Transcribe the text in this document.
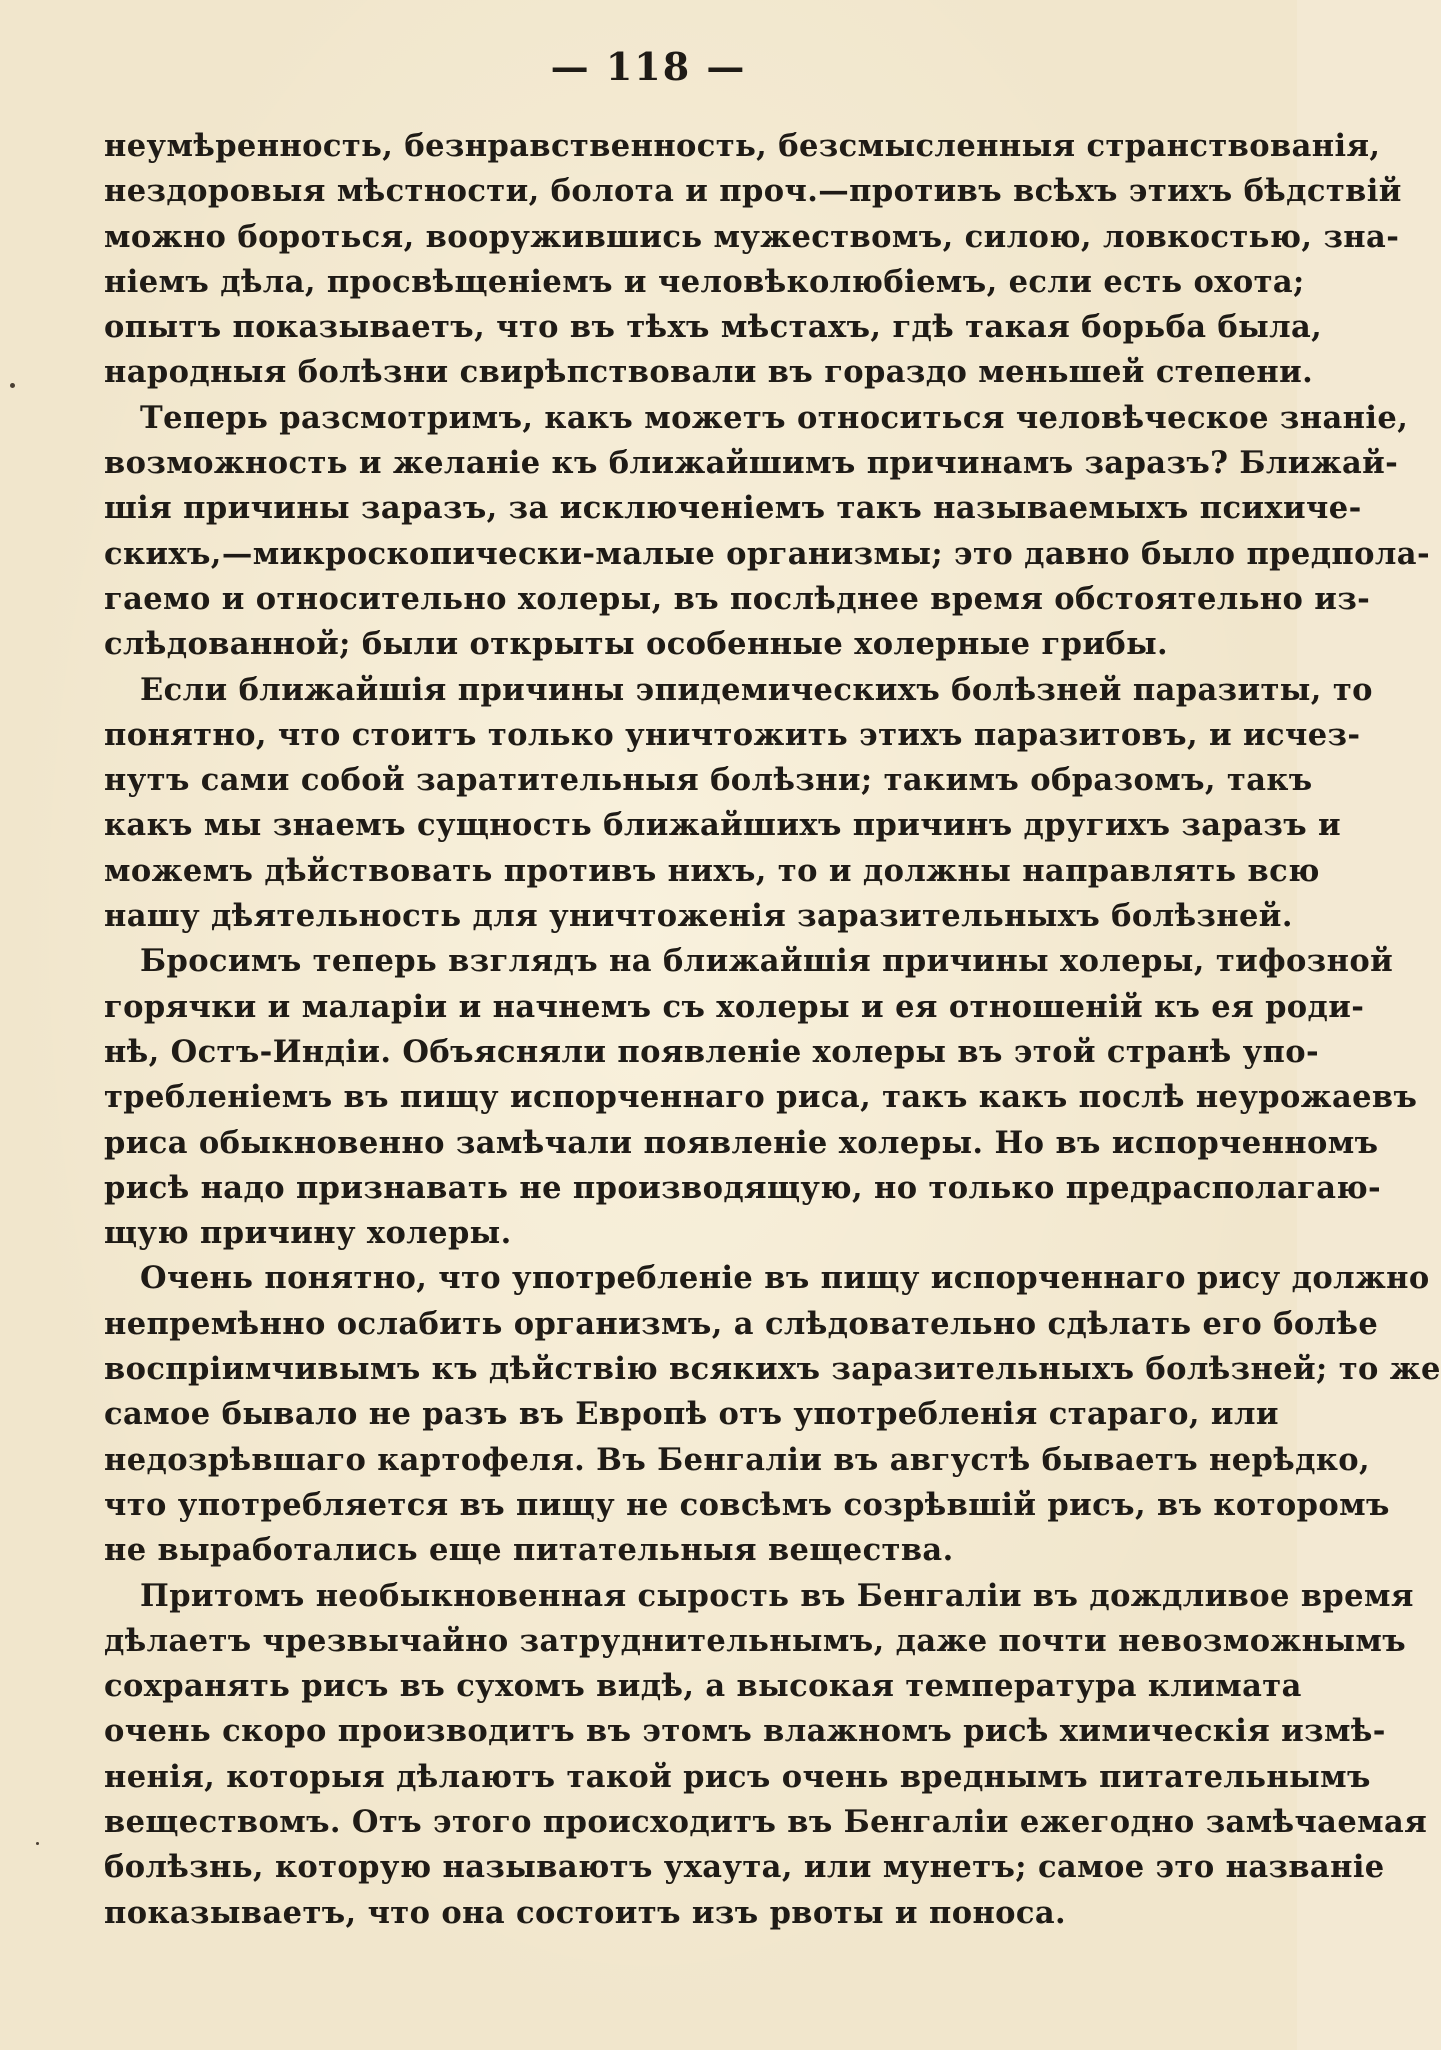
— 118 —
неумѣренность, безнравственность, безсмысленныя странствованія,
нездоровыя мѣстности, болота и проч.—противъ всѣхъ этихъ бѣдствій
можно бороться, вооружившись мужествомъ, силою, ловкостью, зна-
ніемъ дѣла, просвѣщеніемъ и человѣколюбіемъ, если есть охота;
опытъ показываетъ, что въ тѣхъ мѣстахъ, гдѣ такая борьба была,
народныя болѣзни свирѣпствовали въ гораздо меньшей степени.
Теперь разсмотримъ, какъ можетъ относиться человѣческое знаніе,
возможность и желаніе къ ближайшимъ причинамъ заразъ? Ближай-
шія причины заразъ, за исключеніемъ такъ называемыхъ психиче-
скихъ,—микроскопически-малые организмы; это давно было предпола-
гаемо и относительно холеры, въ послѣднее время обстоятельно из-
слѣдованной; были открыты особенные холерные грибы.
Если ближайшія причины эпидемическихъ болѣзней паразиты, то
понятно, что стоитъ только уничтожить этихъ паразитовъ, и исчез-
нутъ сами собой заратительныя болѣзни; такимъ образомъ, такъ
какъ мы знаемъ сущность ближайшихъ причинъ другихъ заразъ и
можемъ дѣйствовать противъ нихъ, то и должны направлять всю
нашу дѣятельность для уничтоженія заразительныхъ болѣзней.
Бросимъ теперь взглядъ на ближайшія причины холеры, тифозной
горячки и маларіи и начнемъ съ холеры и ея отношеній къ ея роди-
нѣ, Остъ-Индіи. Объясняли появленіе холеры въ этой странѣ упо-
требленіемъ въ пищу испорченнаго риса, такъ какъ послѣ неурожаевъ
риса обыкновенно замѣчали появленіе холеры. Но въ испорченномъ
рисѣ надо признавать не производящую, но только предрасполагаю-
щую причину холеры.
Очень понятно, что употребленіе въ пищу испорченнаго рису должно
непремѣнно ослабить организмъ, а слѣдовательно сдѣлать его болѣе
воспріимчивымъ къ дѣйствію всякихъ заразительныхъ болѣзней; то же
самое бывало не разъ въ Европѣ отъ употребленія стараго, или
недозрѣвшаго картофеля. Въ Бенгаліи въ августѣ бываетъ нерѣдко,
что употребляется въ пищу не совсѣмъ созрѣвшій рисъ, въ которомъ
не выработались еще питательныя вещества.
Притомъ необыкновенная сырость въ Бенгаліи въ дождливое время
дѣлаетъ чрезвычайно затруднительнымъ, даже почти невозможнымъ
сохранять рисъ въ сухомъ видѣ, а высокая температура климата
очень скоро производитъ въ этомъ влажномъ рисѣ химическія измѣ-
ненія, которыя дѣлаютъ такой рисъ очень вреднымъ питательнымъ
веществомъ. Отъ этого происходитъ въ Бенгаліи ежегодно замѣчаемая
болѣзнь, которую называютъ ухаута, или мунетъ; самое это названіе
показываетъ, что она состоитъ изъ рвоты и поноса.
